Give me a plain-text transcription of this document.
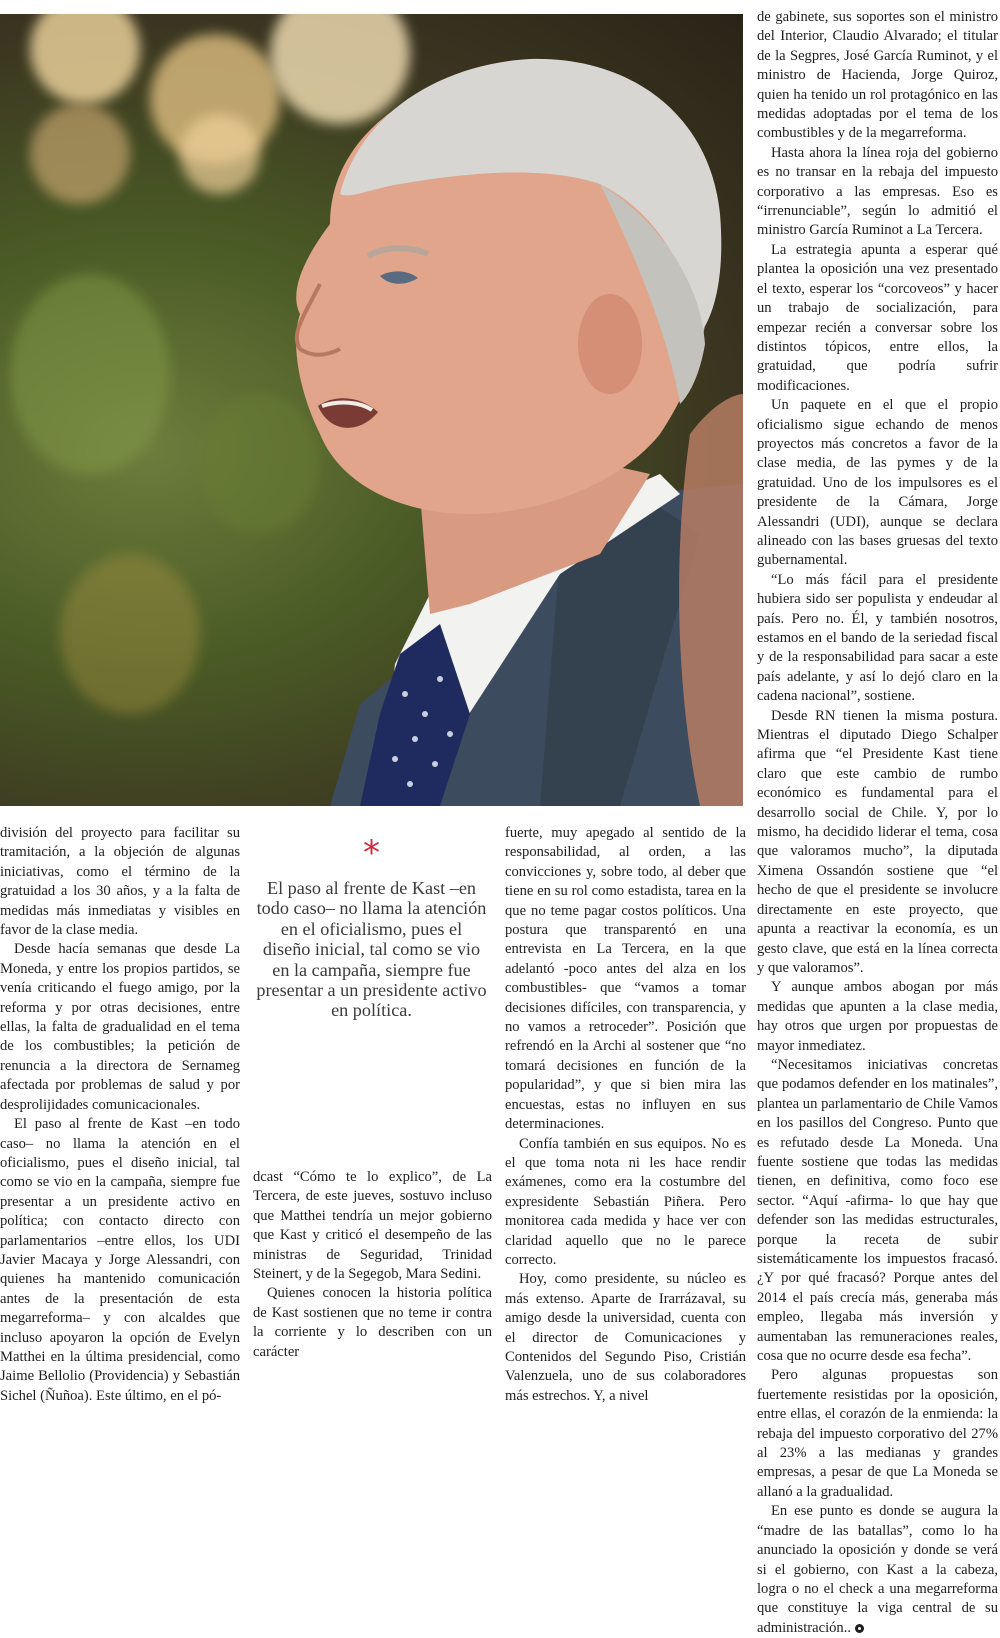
de gabinete, sus soportes son el ministro del Interior, Claudio Alvarado; el titular de la Segpres, José García Ruminot, y el ministro de Hacienda, Jorge Quiroz, quien ha tenido un rol protagónico en las medidas adoptadas por el tema de los combustibles y de la megarreforma.

Hasta ahora la línea roja del gobierno es no transar en la rebaja del impuesto corporativo a las empresas. Eso es “irrenunciable”, según lo admitió el ministro García Ruminot a La Tercera.

La estrategia apunta a esperar qué plantea la oposición una vez presentado el texto, esperar los “corcoveos” y hacer un trabajo de socialización, para empezar recién a conversar sobre los distintos tópicos, entre ellos, la gratuidad, que podría sufrir modificaciones.

Un paquete en el que el propio oficialismo sigue echando de menos proyectos más concretos a favor de la clase media, de las pymes y de la gratuidad. Uno de los impulsores es el presidente de la Cámara, Jorge Alessandri (UDI), aunque se declara alineado con las bases gruesas del texto gubernamental.

“Lo más fácil para el presidente hubiera sido ser populista y endeudar al país. Pero no. Él, y también nosotros, estamos en el bando de la seriedad fiscal y de la responsabilidad para sacar a este país adelante, y así lo dejó claro en la cadena nacional”, sostiene.

Desde RN tienen la misma postura. Mientras el diputado Diego Schalper afirma que “el Presidente Kast tiene claro que este cambio de rumbo económico es fundamental para el desarrollo social de Chile. Y, por lo mismo, ha decidido liderar el tema, cosa que valoramos mucho”, la diputada Ximena Ossandón sostiene que “el hecho de que el presidente se involucre directamente en este proyecto, que apunta a reactivar la economía, es un gesto clave, que está en la línea correcta y que valoramos”.

Y aunque ambos abogan por más medidas que apunten a la clase media, hay otros que urgen por propuestas de mayor inmediatez.

“Necesitamos iniciativas concretas que podamos defender en los matinales”, plantea un parlamentario de Chile Vamos en los pasillos del Congreso. Punto que es refutado desde La Moneda. Una fuente sostiene que todas las medidas tienen, en definitiva, como foco ese sector. “Aquí -afirma- lo que hay que defender son las medidas estructurales, porque la receta de subir sistemáticamente los impuestos fracasó. ¿Y por qué fracasó? Porque antes del 2014 el país crecía más, generaba más empleo, llegaba más inversión y aumentaban las remuneraciones reales, cosa que no ocurre desde esa fecha”.

Pero algunas propuestas son fuertemente resistidas por la oposición, entre ellas, el corazón de la enmienda: la rebaja del impuesto corporativo del 27% al 23% a las medianas y grandes empresas, a pesar de que La Moneda se allanó a la gradualidad.

En ese punto es donde se augura la “madre de las batallas”, como lo ha anunciado la oposición y donde se verá si el gobierno, con Kast a la cabeza, logra o no el check a una megarreforma que constituye la viga central de su administración..

división del proyecto para facilitar su tramitación, a la objeción de algunas iniciativas, como el término de la gratuidad a los 30 años, y a la falta de medidas más inmediatas y visibles en favor de la clase media.

Desde hacía semanas que desde La Moneda, y entre los propios partidos, se venía criticando el fuego amigo, por la reforma y por otras decisiones, entre ellas, la falta de gradualidad en el tema de los combustibles; la petición de renuncia a la directora de Sernameg afectada por problemas de salud y por desprolijidades comunicacionales.

El paso al frente de Kast –en todo caso– no llama la atención en el oficialismo, pues el diseño inicial, tal como se vio en la campaña, siempre fue presentar a un presidente activo en política; con contacto directo con parlamentarios –entre ellos, los UDI Javier Macaya y Jorge Alessandri, con quienes ha mantenido comunicación antes de la presentación de esta megarreforma– y con alcaldes que incluso apoyaron la opción de Evelyn Matthei en la última presidencial, como Jaime Bellolio (Providencia) y Sebastián Sichel (Ñuñoa). Este último, en el pó-

*
El paso al frente de Kast –en todo caso– no llama la atención en el oficialismo, pues el diseño inicial, tal como se vio en la campaña, siempre fue presentar a un presidente activo en política.

dcast “Cómo te lo explico”, de La Tercera, de este jueves, sostuvo incluso que Matthei tendría un mejor gobierno que Kast y criticó el desempeño de las ministras de Seguridad, Trinidad Steinert, y de la Segegob, Mara Sedini.

Quienes conocen la historia política de Kast sostienen que no teme ir contra la corriente y lo describen con un carácter

fuerte, muy apegado al sentido de la responsabilidad, al orden, a las convicciones y, sobre todo, al deber que tiene en su rol como estadista, tarea en la que no teme pagar costos políticos. Una postura que transparentó en una entrevista en La Tercera, en la que adelantó -poco antes del alza en los combustibles- que “vamos a tomar decisiones difíciles, con transparencia, y no vamos a retroceder”. Posición que refrendó en la Archi al sostener que “no tomará decisiones en función de la popularidad”, y que si bien mira las encuestas, estas no influyen en sus determinaciones.

Confía también en sus equipos. No es el que toma nota ni les hace rendir exámenes, como era la costumbre del expresidente Sebastián Piñera. Pero monitorea cada medida y hace ver con claridad aquello que no le parece correcto.

Hoy, como presidente, su núcleo es más extenso. Aparte de Irarrázaval, su amigo desde la universidad, cuenta con el director de Comunicaciones y Contenidos del Segundo Piso, Cristián Valenzuela, uno de sus colaboradores más estrechos. Y, a nivel
